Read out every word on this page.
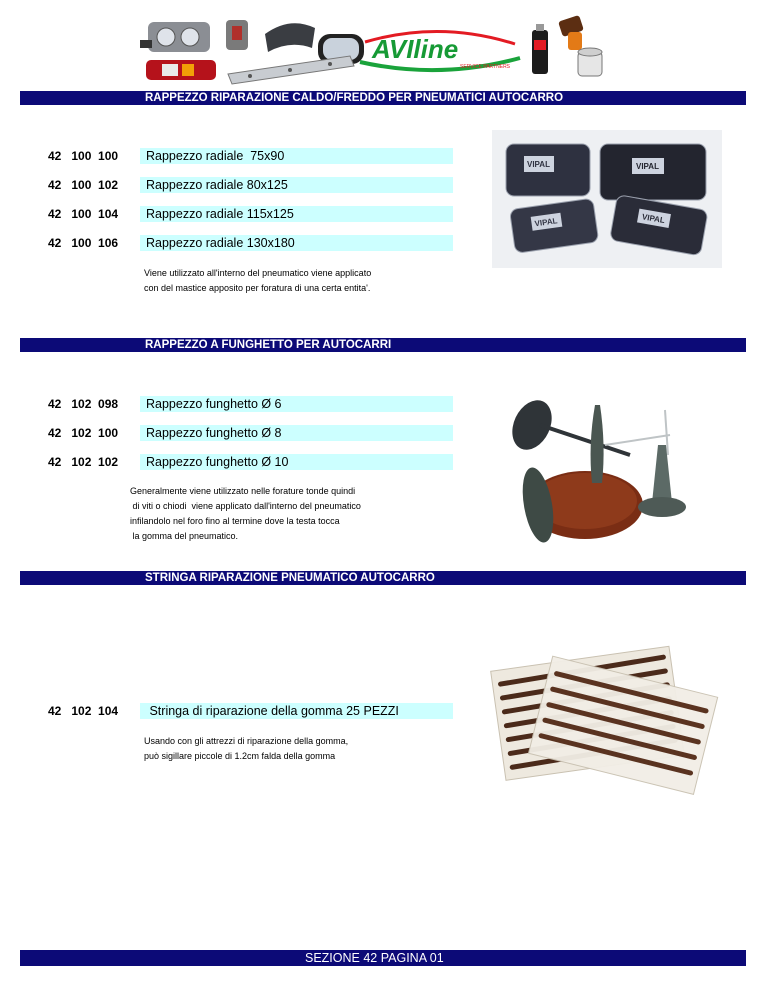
AVIline
SERVICE PARTNERS
RAPPEZZO RIPARAZIONE CALDO/FREDDO PER PNEUMATICI AUTOCARRO
42   100  100	Rappezzo radiale  75x90
42   100  102	Rappezzo radiale 80x125
42   100  104	Rappezzo radiale 115x125
42   100  106	Rappezzo radiale 130x180
Viene utilizzato all'interno del pneumatico viene applicato
con del mastice apposito per foratura di una certa entita'.
VIPAL	VIPAL
VIPAL	VIPAL
RAPPEZZO A FUNGHETTO PER AUTOCARRI
42   102  098	Rappezzo funghetto Ø 6
42   102  100	Rappezzo funghetto Ø 8
42   102  102	Rappezzo funghetto Ø 10
Generalmente viene utilizzato nelle forature tonde quindi
di viti o chiodi  viene applicato dall'interno del pneumatico
infilandolo nel foro fino al termine dove la testa tocca
la gomma del pneumatico.
STRINGA RIPARAZIONE PNEUMATICO AUTOCARRO
42   102  104	Stringa di riparazione della gomma 25 PEZZI
Usando con gli attrezzi di riparazione della gomma,
può sigillare piccole di 1.2cm falda della gomma
SEZIONE 42 PAGINA 01
